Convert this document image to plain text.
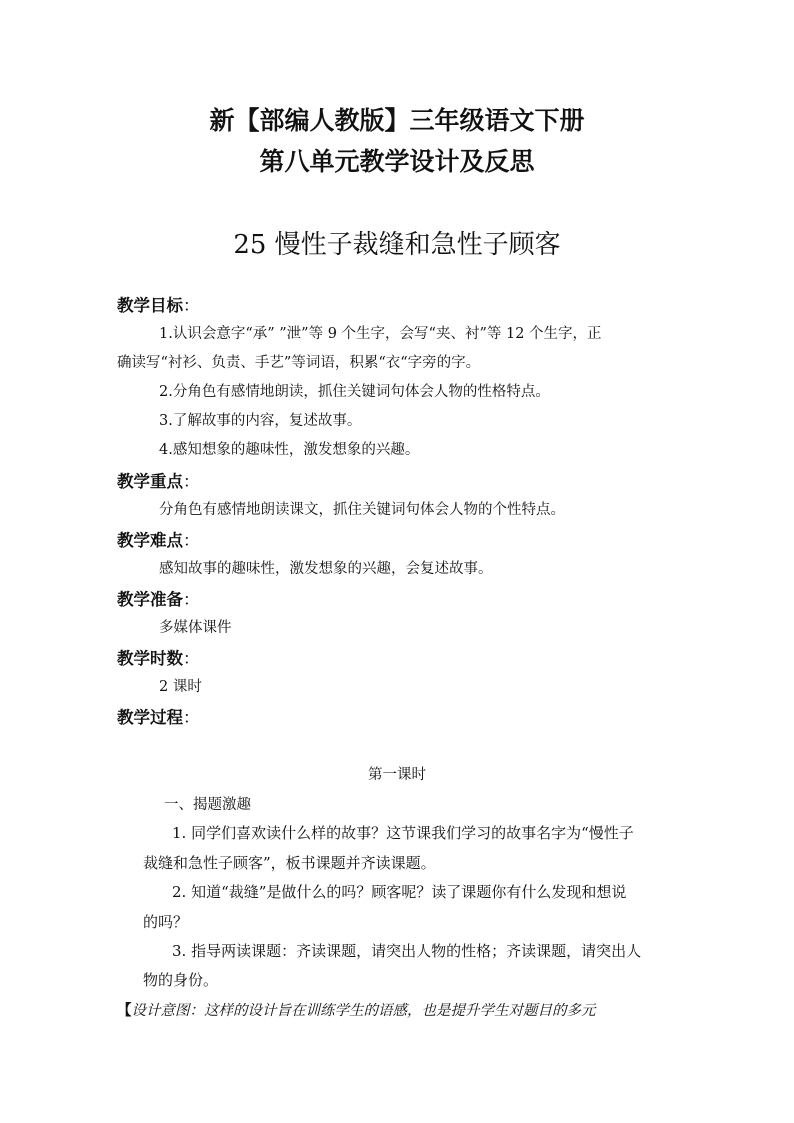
新【部编人教版】三年级语文下册
第八单元教学设计及反思
25 慢性子裁缝和急性子顾客
教学目标：
1.认识会意字“承” ”泄”等 9 个生字，会写“夹、衬”等 12 个生字，正
确读写“衬衫、负责、手艺”等词语，积累“衣“字旁的字。
2.分角色有感情地朗读，抓住关键词句体会人物的性格特点。
3.了解故事的内容，复述故事。
4.感知想象的趣味性，激发想象的兴趣。
教学重点：
分角色有感情地朗读课文，抓住关键词句体会人物的个性特点。
教学难点：
感知故事的趣味性，激发想象的兴趣，会复述故事。
教学准备：
多媒体课件
教学时数：
2 课时
教学过程：
第一课时
一、揭题激趣
1. 同学们喜欢读什么样的故事？这节课我们学习的故事名字为“慢性子
裁缝和急性子顾客”，板书课题并齐读课题。
2. 知道“裁缝”是做什么的吗？顾客呢？读了课题你有什么发现和想说
的吗？
3. 指导两读课题：齐读课题，请突出人物的性格；齐读课题，请突出人
物的身份。
【设计意图：这样的设计旨在训练学生的语感，也是提升学生对题目的多元
